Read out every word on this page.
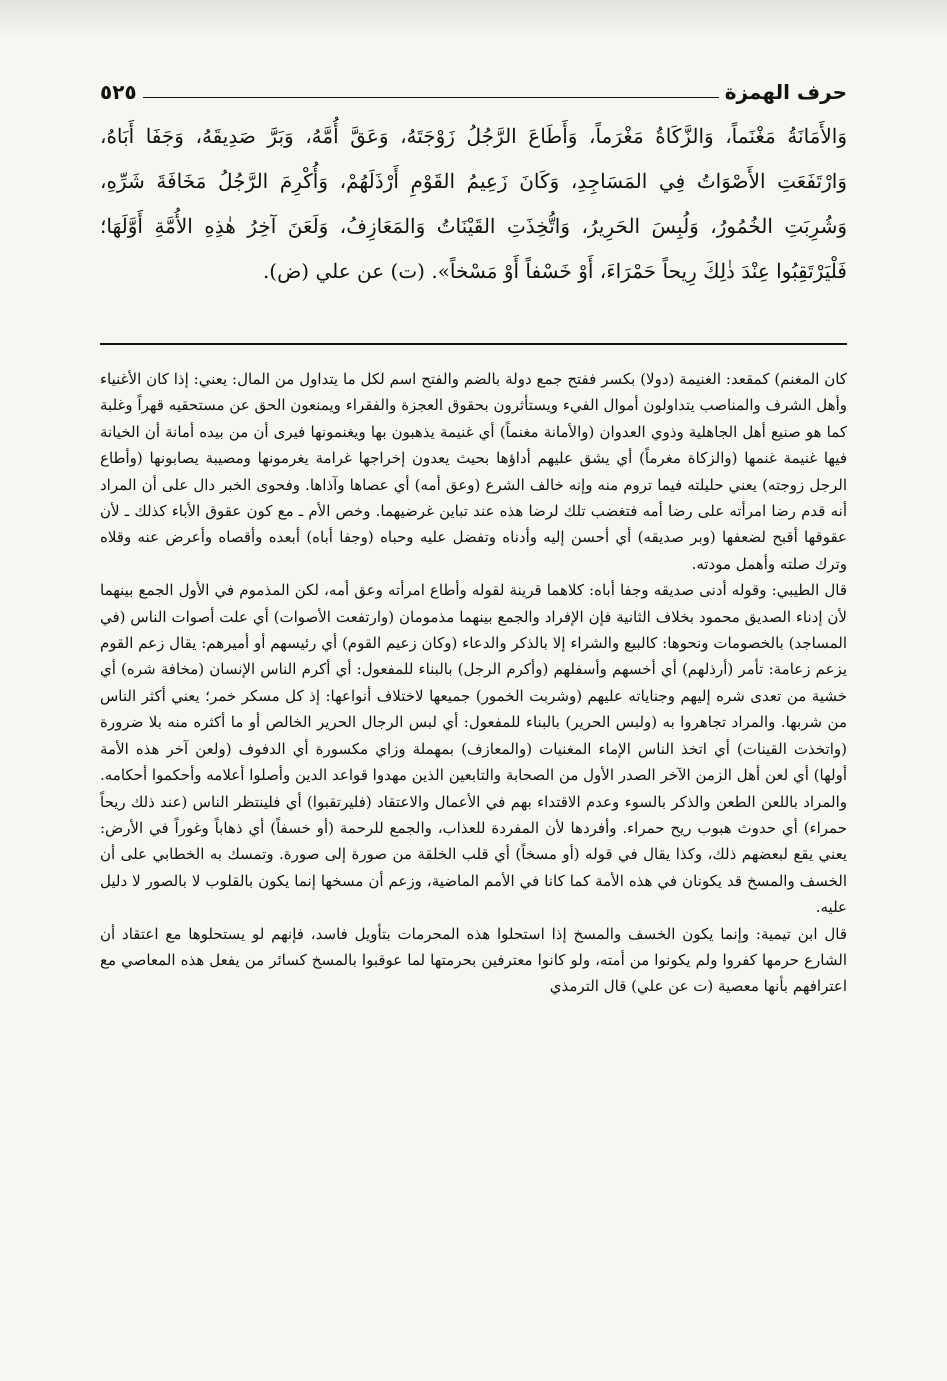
حرف الهمزة
٥٢٥
وَالأَمَانَةُ مَغْنَماً، وَالزَّكَاةُ مَغْرَماً، وَأَطَاعَ الرَّجُلُ زَوْجَتَهُ، وَعَقَّ أُمَّهُ، وَبَرَّ صَدِيقَهُ، وَجَفَا أَبَاهُ، وَارْتَفَعَتِ الأَصْوَاتُ فِي المَسَاجِدِ، وَكَانَ زَعِيمُ القَوْمِ أَرْذَلَهُمْ، وَأُكْرِمَ الرَّجُلُ مَخَافَةَ شَرِّهِ، وَشُرِبَتِ الخُمُورُ، وَلُبِسَ الحَرِيرُ، وَاتُّخِذَتِ القَيْنَاتُ وَالمَعَازِفُ، وَلَعَنَ آخِرُ هٰذِهِ الأُمَّةِ أَوَّلَهَا؛ فَلْيَرْتَقِبُوا عِنْدَ ذٰلِكَ رِيحاً حَمْرَاءَ، أَوْ خَسْفاً أَوْ مَسْخاً». (ت) عن علي (ض).

كان المغنم) كمقعد: الغنيمة (دولا) بكسر ففتح جمع دولة بالضم والفتح اسم لكل ما يتداول من المال: يعني: إذا كان الأغنياء وأهل الشرف والمناصب يتداولون أموال الفيء ويستأثرون بحقوق العجزة والفقراء ويمنعون الحق عن مستحقيه قهراً وغلبة كما هو صنيع أهل الجاهلية وذوي العدوان (والأمانة مغنماً) أي غنيمة يذهبون بها ويغنمونها فيرى أن من بيده أمانة أن الخيانة فيها غنيمة غنمها (والزكاة مغرماً) أي يشق عليهم أداؤها بحيث يعدون إخراجها غرامة يغرمونها ومصيبة يصابونها (وأطاع الرجل زوجته) يعني حليلته فيما تروم منه وإنه خالف الشرع (وعق أمه) أي عصاها وآذاها. وفحوى الخبر دال على أن المراد أنه قدم رضا امرأته على رضا أمه فتغضب تلك لرضا هذه عند تباين غرضيهما. وخص الأم ـ مع كون عقوق الأباء كذلك ـ لأن عقوقها أقبح لضعفها (وبر صديقه) أي أحسن إليه وأدناه وتفضل عليه وحباه (وجفا أباه) أبعده وأقصاه وأعرض عنه وقلاه وترك صلته وأهمل مودته.

قال الطيبي: وقوله أدنى صديقه وجفا أباه: كلاهما قرينة لقوله وأطاع امرأته وعق أمه، لكن المذموم في الأول الجمع بينهما لأن إدناء الصديق محمود بخلاف الثانية فإن الإفراد والجمع بينهما مذمومان (وارتفعت الأصوات) أي علت أصوات الناس (في المساجد) بالخصومات ونحوها: كالبيع والشراء إلا بالذكر والدعاء (وكان زعيم القوم) أي رئيسهم أو أميرهم: يقال زعم القوم يزعم زعامة: تأمر (أرذلهم) أي أخسهم وأسفلهم (وأكرم الرجل) بالبناء للمفعول: أي أكرم الناس الإنسان (مخافة شره) أي خشية من تعدى شره إليهم وجناياته عليهم (وشربت الخمور) جميعها لاختلاف أنواعها: إذ كل مسكر خمر؛ يعني أكثر الناس من شربها. والمراد تجاهروا به (ولبس الحرير) بالبناء للمفعول: أي لبس الرجال الحرير الخالص أو ما أكثره منه بلا ضرورة (واتخذت القينات) أي اتخذ الناس الإماء المغنيات (والمعازف) بمهملة وزاي مكسورة أي الدفوف (ولعن آخر هذه الأمة أولها) أي لعن أهل الزمن الآخر الصدر الأول من الصحابة والتابعين الذين مهدوا قواعد الدين وأصلوا أعلامه وأحكموا أحكامه. والمراد باللعن الطعن والذكر بالسوء وعدم الاقتداء بهم في الأعمال والاعتقاد (فليرتقبوا) أي فلينتظر الناس (عند ذلك ريحاً حمراء) أي حدوث هبوب ريح حمراء. وأفردها لأن المفردة للعذاب، والجمع للرحمة (أو خسفاً) أي ذهاباً وغوراً في الأرض: يعني يقع لبعضهم ذلك، وكذا يقال في قوله (أو مسخاً) أي قلب الخلقة من صورة إلى صورة. وتمسك به الخطابي على أن الخسف والمسخ قد يكونان في هذه الأمة كما كانا في الأمم الماضية، وزعم أن مسخها إنما يكون بالقلوب لا بالصور لا دليل عليه.

قال ابن تيمية: وإنما يكون الخسف والمسخ إذا استحلوا هذه المحرمات بتأويل فاسد، فإنهم لو يستحلوها مع اعتقاد أن الشارع حرمها كفروا ولم يكونوا من أمته، ولو كانوا معترفين بحرمتها لما عوقبوا بالمسخ كسائر من يفعل هذه المعاصي مع اعترافهم بأنها معصية (ت عن علي) قال الترمذي
